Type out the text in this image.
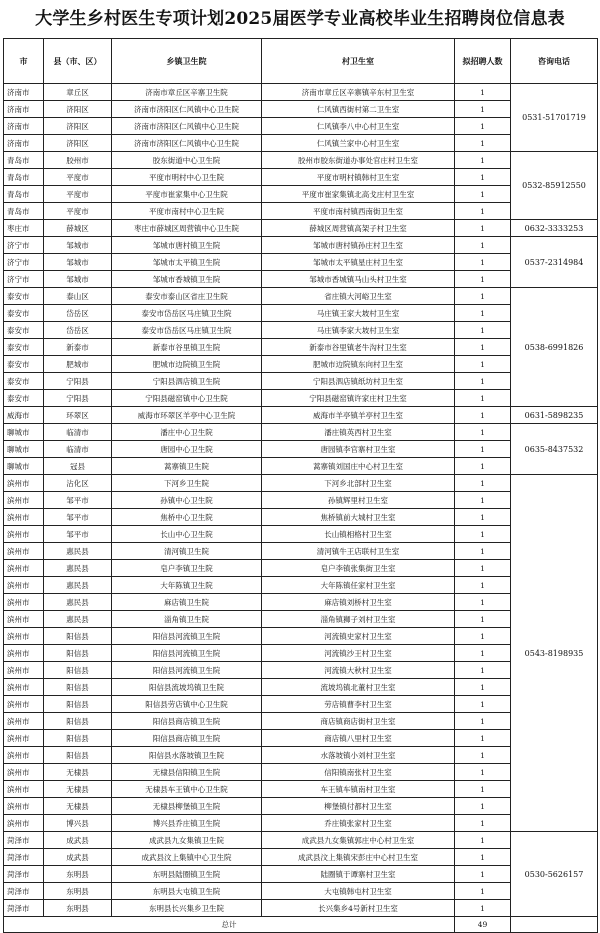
大学生乡村医生专项计划2025届医学专业高校毕业生招聘岗位信息表
市	县（市、区）	乡镇卫生院	村卫生室	拟招聘人数	咨询电话
济南市	章丘区	济南市章丘区辛寨卫生院	济南市章丘区辛寨镇辛东村卫生室	1	0531-51701719
济南市	济阳区	济南市济阳区仁风镇中心卫生院	仁风镇西街村第二卫生室	1	
济南市	济阳区	济南市济阳区仁风镇中心卫生院	仁风镇李八中心村卫生室	1	
济南市	济阳区	济南市济阳区仁风镇中心卫生院	仁风镇兰家中心村卫生室	1	
青岛市	胶州市	胶东街道中心卫生院	胶州市胶东街道办事处官庄村卫生室	1	0532-85912550
青岛市	平度市	平度市明村中心卫生院	平度市明村镇韩村卫生室	1	
青岛市	平度市	平度市崔家集中心卫生院	平度市崔家集镇北高戈庄村卫生室	1	
青岛市	平度市	平度市南村中心卫生院	平度市南村镇西南街卫生室	1	
枣庄市	薛城区	枣庄市薛城区周营镇中心卫生院	薛城区周营镇高架子村卫生室	1	0632-3333253
济宁市	邹城市	邹城市唐村镇卫生院	邹城市唐村镇孙庄村卫生室	1	0537-2314984
济宁市	邹城市	邹城市太平镇卫生院	邹城市太平镇星庄村卫生室	1	
济宁市	邹城市	邹城市香城镇卫生院	邹城市香城镇马山头村卫生室	1	
泰安市	泰山区	泰安市泰山区省庄卫生院	省庄镇大河峪卫生室	1	0538-6991826
泰安市	岱岳区	泰安市岱岳区马庄镇卫生院	马庄镇王家大坡村卫生室	1	
泰安市	岱岳区	泰安市岱岳区马庄镇卫生院	马庄镇李家大坡村卫生室	1	
泰安市	新泰市	新泰市谷里镇卫生院	新泰市谷里镇老牛沟村卫生室	1	
泰安市	肥城市	肥城市边院镇卫生院	肥城市边院镇东向村卫生室	1	
泰安市	宁阳县	宁阳县泗店镇卫生院	宁阳县泗店镇纸坊村卫生室	1	
泰安市	宁阳县	宁阳县磁窑镇中心卫生院	宁阳县磁窑镇许家庄村卫生室	1	
威海市	环翠区	威海市环翠区羊亭中心卫生院	威海市羊亭镇羊亭村卫生室	1	0631-5898235
聊城市	临清市	潘庄中心卫生院	潘庄镇英西村卫生室	1	0635-8437532
聊城市	临清市	唐园中心卫生院	唐园镇李官寨村卫生室	1	
聊城市	冠县	蒿寨镇卫生院	蒿寨镇刘国庄中心村卫生室	1	
滨州市	沾化区	下河乡卫生院	下河乡北部村卫生室	1	0543-8198935
滨州市	邹平市	孙镇中心卫生院	孙镇辉里村卫生室	1	
滨州市	邹平市	焦桥中心卫生院	焦桥镇前大城村卫生室	1	
滨州市	邹平市	长山中心卫生院	长山镇相格村卫生室	1	
滨州市	惠民县	清河镇卫生院	清河镇牛王店联村卫生室	1	
滨州市	惠民县	皂户李镇卫生院	皂户李镇张集街卫生室	1	
滨州市	惠民县	大年陈镇卫生院	大年陈镇任家村卫生室	1	
滨州市	惠民县	麻店镇卫生院	麻店镇刘桥村卫生室	1	
滨州市	惠民县	淄角镇卫生院	淄角镇狮子刘村卫生室	1	
滨州市	阳信县	阳信县河流镇卫生院	河流镇史家村卫生室	1	
滨州市	阳信县	阳信县河流镇卫生院	河流镇沙王村卫生室	1	
滨州市	阳信县	阳信县河流镇卫生院	河流镇大秋村卫生室	1	
滨州市	阳信县	阳信县流坡坞镇卫生院	流坡坞镇北董村卫生室	1	
滨州市	阳信县	阳信县劳店镇中心卫生院	劳店镇曹李村卫生室	1	
滨州市	阳信县	阳信县商店镇卫生院	商店镇商店街村卫生室	1	
滨州市	阳信县	阳信县商店镇卫生院	商店镇八里村卫生室	1	
滨州市	阳信县	阳信县水落坡镇卫生院	水落坡镇小刘村卫生室	1	
滨州市	无棣县	无棣县信阳镇卫生院	信阳镇南张村卫生室	1	
滨州市	无棣县	无棣县车王镇中心卫生院	车王镇车镇南村卫生室	1	
滨州市	无棣县	无棣县柳堡镇卫生院	柳堡镇付都村卫生室	1	
滨州市	博兴县	博兴县乔庄镇卫生院	乔庄镇张家村卫生室	1	
菏泽市	成武县	成武县九女集镇卫生院	成武县九女集镇郭庄中心村卫生室	1	0530-5626157
菏泽市	成武县	成武县汶上集镇中心卫生院	成武县汶上集镇宋彭庄中心村卫生室	1	
菏泽市	东明县	东明县陆圈镇卫生院	陆圈镇于谭寨村卫生室	1	
菏泽市	东明县	东明县大屯镇卫生院	大屯镇韩屯村卫生室	1	
菏泽市	东明县	东明县长兴集乡卫生院	长兴集乡4号新村卫生室	1	
总计				49	
